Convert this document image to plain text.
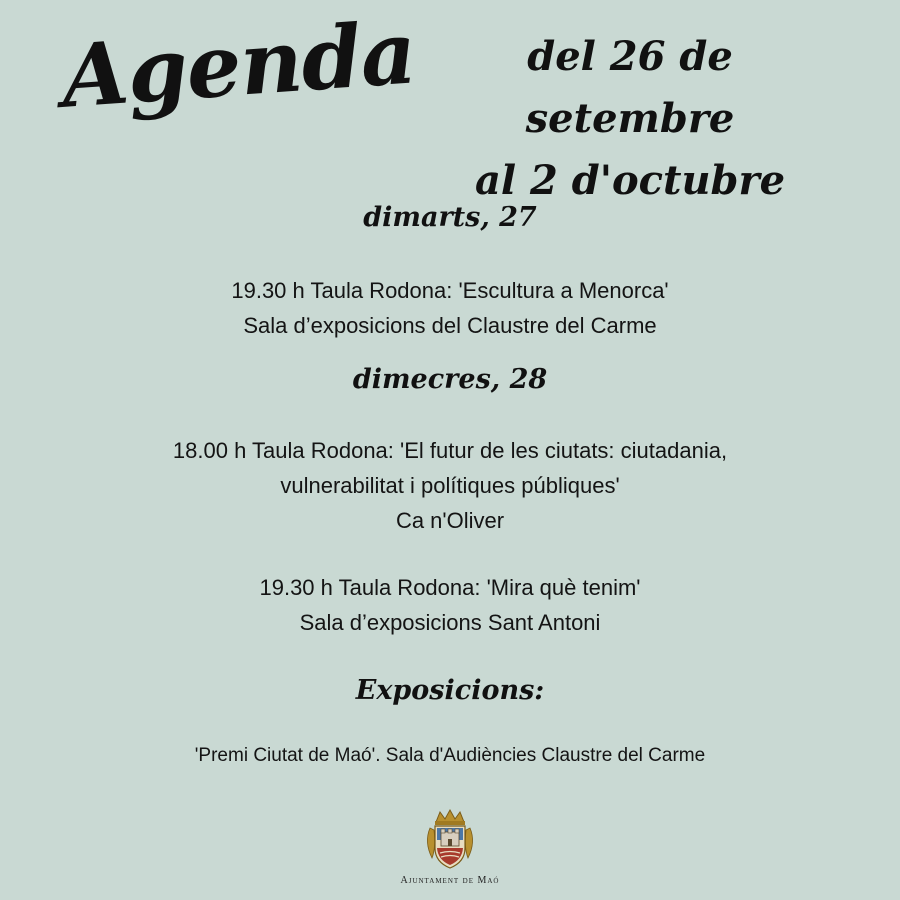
Agenda	del 26 de setembre
al 2 d'octubre
dimarts, 27
19.30 h Taula Rodona: 'Escultura a Menorca'
Sala d’exposicions del Claustre del Carme
dimecres, 28
18.00 h Taula Rodona: 'El futur de les ciutats: ciutadania,
vulnerabilitat i polítiques públiques'
Ca n'Oliver
19.30 h Taula Rodona: 'Mira què tenim'
Sala d’exposicions Sant Antoni
Exposicions:
'Premi Ciutat de Maó'. Sala d'Audiències Claustre del Carme
Ajuntament de Maó
